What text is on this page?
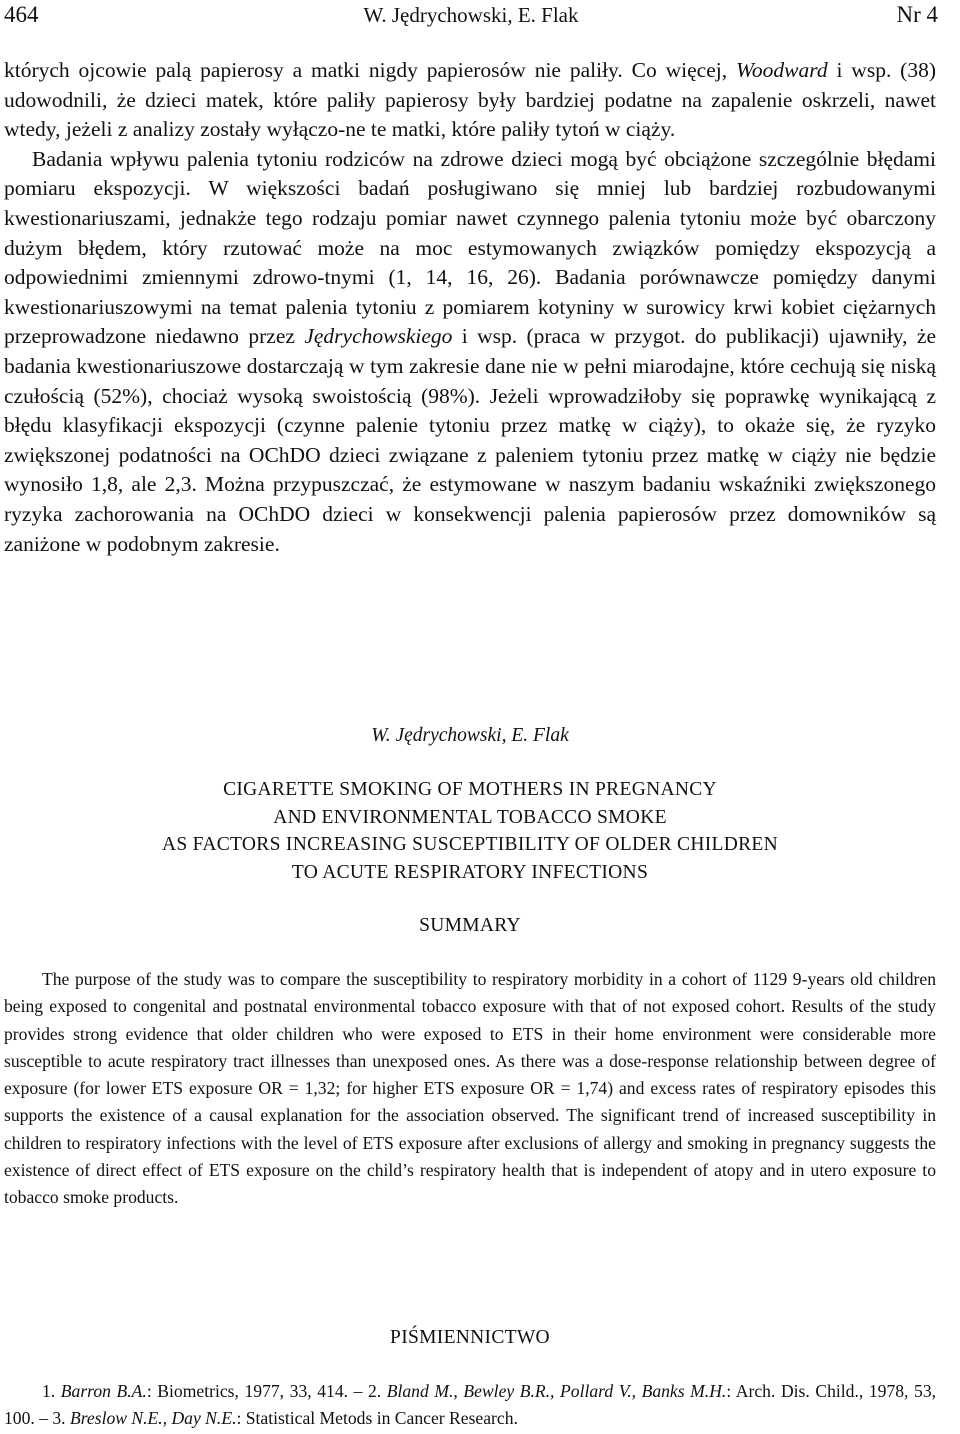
464	W. Jędrychowski, E. Flak	Nr 4

których ojcowie palą papierosy a matki nigdy papierosów nie paliły. Co więcej, Woodward i wsp. (38) udowodnili, że dzieci matek, które paliły papierosy były bardziej podatne na zapalenie oskrzeli, nawet wtedy, jeżeli z analizy zostały wyłączo-ne te matki, które paliły tytoń w ciąży.

Badania wpływu palenia tytoniu rodziców na zdrowe dzieci mogą być obciążone szczególnie błędami pomiaru ekspozycji. W większości badań posługiwano się mniej lub bardziej rozbudowanymi kwestionariuszami, jednakże tego rodzaju pomiar nawet czynnego palenia tytoniu może być obarczony dużym błędem, który rzutować może na moc estymowanych związków pomiędzy ekspozycją a odpowiednimi zmiennymi zdrowo-tnymi (1, 14, 16, 26). Badania porównawcze pomiędzy danymi kwestionariuszowymi na temat palenia tytoniu z pomiarem kotyniny w surowicy krwi kobiet ciężarnych przeprowadzone niedawno przez Jędrychowskiego i wsp. (praca w przygot. do publikacji) ujawniły, że badania kwestionariuszowe dostarczają w tym zakresie dane nie w pełni miarodajne, które cechują się niską czułością (52%), chociaż wysoką swoistością (98%). Jeżeli wprowadziłoby się poprawkę wynikającą z błędu klasyfikacji ekspozycji (czynne palenie tytoniu przez matkę w ciąży), to okaże się, że ryzyko zwiększonej podatności na OChDO dzieci związane z paleniem tytoniu przez matkę w ciąży nie będzie wynosiło 1,8, ale 2,3. Można przypuszczać, że estymowane w naszym badaniu wskaźniki zwiększonego ryzyka zachorowania na OChDO dzieci w konsekwencji palenia papierosów przez domowników są zaniżone w podobnym zakresie.

W. Jędrychowski, E. Flak
CIGARETTE SMOKING OF MOTHERS IN PREGNANCY
AND ENVIRONMENTAL TOBACCO SMOKE
AS FACTORS INCREASING SUSCEPTIBILITY OF OLDER CHILDREN
TO ACUTE RESPIRATORY INFECTIONS
SUMMARY

The purpose of the study was to compare the susceptibility to respiratory morbidity in a cohort of 1129 9-years old children being exposed to congenital and postnatal environmental tobacco exposure with that of not exposed cohort. Results of the study provides strong evidence that older children who were exposed to ETS in their home environment were considerable more susceptible to acute respiratory tract illnesses than unexposed ones. As there was a dose-response relationship between degree of exposure (for lower ETS exposure OR = 1,32; for higher ETS exposure OR = 1,74) and excess rates of respiratory episodes this supports the existence of a causal explanation for the association observed. The significant trend of increased susceptibility in children to respiratory infections with the level of ETS exposure after exclusions of allergy and smoking in pregnancy suggests the existence of direct effect of ETS exposure on the child’s respiratory health that is independent of atopy and in utero exposure to tobacco smoke products.

PIŚMIENNICTWO

1. Barron B.A.: Biometrics, 1977, 33, 414. – 2. Bland M., Bewley B.R., Pollard V., Banks M.H.: Arch. Dis. Child., 1978, 53, 100. – 3. Breslow N.E., Day N.E.: Statistical Metods in Cancer Research.
